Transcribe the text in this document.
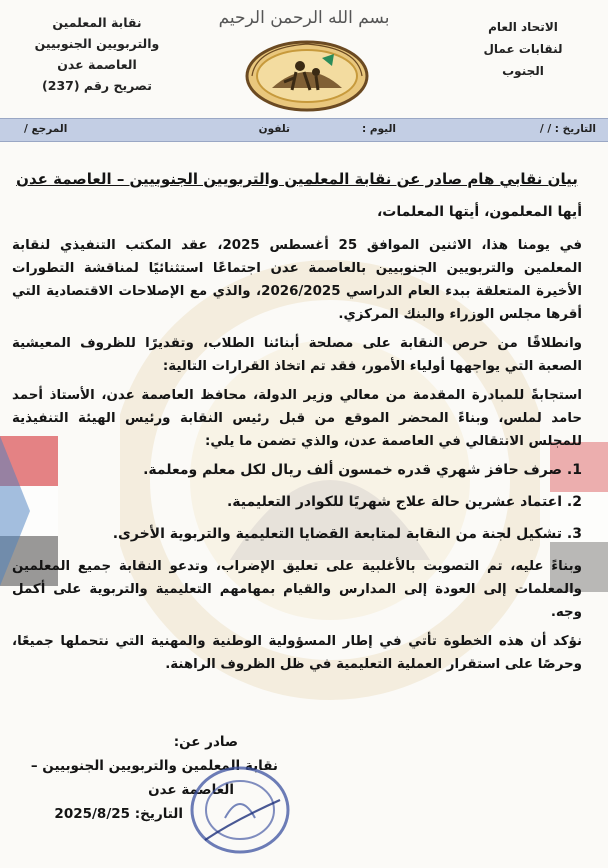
الاتحاد العام
لنقابات عمال
الجنوب
بسم الله الرحمن الرحيم
نقابة المعلمين
والتربويين الجنوبيين
العاصمة عدن
تصريح رقم (237)
التاريخ : / /
اليوم :
تلفون
المرجع /

بيان نقابي هام صادر عن نقابة المعلمين والتربويين الجنوبيين – العاصمة عدن

أيها المعلمون، أيتها المعلمات،

في يومنا هذا، الاثنين الموافق 25 أغسطس 2025، عقد المكتب التنفيذي لنقابة المعلمين والتربويين الجنوبيين بالعاصمة عدن اجتماعًا استثنائيًا لمناقشة التطورات الأخيرة المتعلقة ببدء العام الدراسي 2026/2025، والذي مع الإصلاحات الاقتصادية التي أقرها مجلس الوزراء والبنك المركزي.

وانطلاقًا من حرص النقابة على مصلحة أبنائنا الطلاب، وتقديرًا للظروف المعيشية الصعبة التي يواجهها أولياء الأمور، فقد تم اتخاذ القرارات التالية:

استجابةً للمبادرة المقدمة من معالي وزير الدولة، محافظ العاصمة عدن، الأستاذ أحمد حامد لملس، وبناءً المحضر الموقع من قبل رئيس النقابة ورئيس الهيئة التنفيذية للمجلس الانتقالي في العاصمة عدن، والذي تضمن ما يلي:

1. صرف حافز شهري قدره خمسون ألف ريال لكل معلم ومعلمة.

2. اعتماد عشرين حالة علاج شهريًا للكوادر التعليمية.

3. تشكيل لجنة من النقابة لمتابعة القضايا التعليمية والتربوية الأخرى.

وبناءً عليه، تم التصويت بالأغلبية على تعليق الإضراب، وتدعو النقابة جميع المعلمين والمعلمات إلى العودة إلى المدارس والقيام بمهامهم التعليمية والتربوية على أكمل وجه.

نؤكد أن هذه الخطوة تأتي في إطار المسؤولية الوطنية والمهنية التي نتحملها جميعًا، وحرصًا على استقرار العملية التعليمية في ظل الظروف الراهنة.

صادر عن:
نقابة المعلمين والتربويين الجنوبيين –
العاصمة عدن
التاريخ: 2025/8/25
